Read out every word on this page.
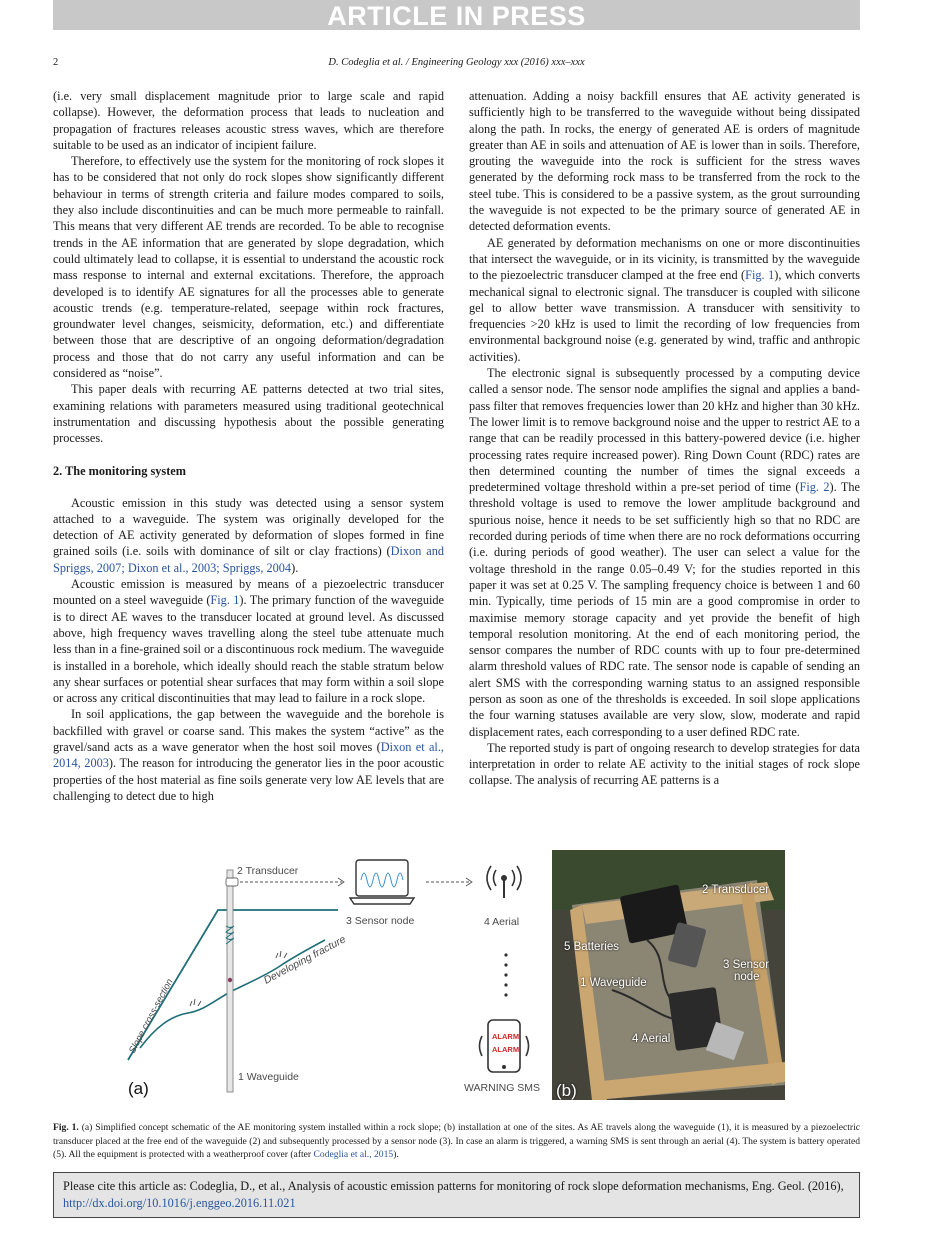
ARTICLE IN PRESS
2	D. Codeglia et al. / Engineering Geology xxx (2016) xxx–xxx

(i.e. very small displacement magnitude prior to large scale and rapid collapse). However, the deformation process that leads to nucleation and propagation of fractures releases acoustic stress waves, which are therefore suitable to be used as an indicator of incipient failure.

Therefore, to effectively use the system for the monitoring of rock slopes it has to be considered that not only do rock slopes show significantly different behaviour in terms of strength criteria and failure modes compared to soils, they also include discontinuities and can be much more permeable to rainfall. This means that very different AE trends are recorded. To be able to recognise trends in the AE information that are generated by slope degradation, which could ultimately lead to collapse, it is essential to understand the acoustic rock mass response to internal and external excitations. Therefore, the approach developed is to identify AE signatures for all the processes able to generate acoustic trends (e.g. temperature-related, seepage within rock fractures, groundwater level changes, seismicity, deformation, etc.) and differentiate between those that are descriptive of an ongoing deformation/degradation process and those that do not carry any useful information and can be considered as “noise”.

This paper deals with recurring AE patterns detected at two trial sites, examining relations with parameters measured using traditional geotechnical instrumentation and discussing hypothesis about the possible generating processes.

2. The monitoring system

Acoustic emission in this study was detected using a sensor system attached to a waveguide. The system was originally developed for the detection of AE activity generated by deformation of slopes formed in fine grained soils (i.e. soils with dominance of silt or clay fractions) (Dixon and Spriggs, 2007; Dixon et al., 2003; Spriggs, 2004).

Acoustic emission is measured by means of a piezoelectric transducer mounted on a steel waveguide (Fig. 1). The primary function of the waveguide is to direct AE waves to the transducer located at ground level. As discussed above, high frequency waves travelling along the steel tube attenuate much less than in a fine-grained soil or a discontinuous rock medium. The waveguide is installed in a borehole, which ideally should reach the stable stratum below any shear surfaces or potential shear surfaces that may form within a soil slope or across any critical discontinuities that may lead to failure in a rock slope.

In soil applications, the gap between the waveguide and the borehole is backfilled with gravel or coarse sand. This makes the system “active” as the gravel/sand acts as a wave generator when the host soil moves (Dixon et al., 2014, 2003). The reason for introducing the generator lies in the poor acoustic properties of the host material as fine soils generate very low AE levels that are challenging to detect due to high

attenuation. Adding a noisy backfill ensures that AE activity generated is sufficiently high to be transferred to the waveguide without being dissipated along the path. In rocks, the energy of generated AE is orders of magnitude greater than AE in soils and attenuation of AE is lower than in soils. Therefore, grouting the waveguide into the rock is sufficient for the stress waves generated by the deforming rock mass to be transferred from the rock to the steel tube. This is considered to be a passive system, as the grout surrounding the waveguide is not expected to be the primary source of generated AE in detected deformation events.

AE generated by deformation mechanisms on one or more discontinuities that intersect the waveguide, or in its vicinity, is transmitted by the waveguide to the piezoelectric transducer clamped at the free end (Fig. 1), which converts mechanical signal to electronic signal. The transducer is coupled with silicone gel to allow better wave transmission. A transducer with sensitivity to frequencies >20 kHz is used to limit the recording of low frequencies from environmental background noise (e.g. generated by wind, traffic and anthropic activities).

The electronic signal is subsequently processed by a computing device called a sensor node. The sensor node amplifies the signal and applies a band-pass filter that removes frequencies lower than 20 kHz and higher than 30 kHz. The lower limit is to remove background noise and the upper to restrict AE to a range that can be readily processed in this battery-powered device (i.e. higher processing rates require increased power). Ring Down Count (RDC) rates are then determined counting the number of times the signal exceeds a predetermined voltage threshold within a pre-set period of time (Fig. 2). The threshold voltage is used to remove the lower amplitude background and spurious noise, hence it needs to be set sufficiently high so that no RDC are recorded during periods of time when there are no rock deformations occurring (i.e. during periods of good weather). The user can select a value for the voltage threshold in the range 0.05–0.49 V; for the studies reported in this paper it was set at 0.25 V. The sampling frequency choice is between 1 and 60 min. Typically, time periods of 15 min are a good compromise in order to maximise memory storage capacity and yet provide the benefit of high temporal resolution monitoring. At the end of each monitoring period, the sensor compares the number of RDC counts with up to four pre-determined alarm threshold values of RDC rate. The sensor node is capable of sending an alert SMS with the corresponding warning status to an assigned responsible person as soon as one of the thresholds is exceeded. In soil slope applications the four warning statuses available are very slow, slow, moderate and rapid displacement rates, each corresponding to a user defined RDC rate.

The reported study is part of ongoing research to develop strategies for data interpretation in order to relate AE activity to the initial stages of rock slope collapse. The analysis of recurring AE patterns is a

2 Transducer
3 Sensor node	4 Aerial
ALARM
ALARM
WARNING SMS
1 Waveguide
Developing fracture
Slope cross-section
(a)
2 Transducer
5 Batteries
3 Sensor
node
1 Waveguide
4 Aerial
(b)
Fig. 1. (a) Simplified concept schematic of the AE monitoring system installed within a rock slope; (b) installation at one of the sites. As AE travels along the waveguide (1), it is measured by a piezoelectric transducer placed at the free end of the waveguide (2) and subsequently processed by a sensor node (3). In case an alarm is triggered, a warning SMS is sent through an aerial (4). The system is battery operated (5). All the equipment is protected with a weatherproof cover (after Codeglia et al., 2015).
Please cite this article as: Codeglia, D., et al., Analysis of acoustic emission patterns for monitoring of rock slope deformation mechanisms, Eng. Geol. (2016), http://dx.doi.org/10.1016/j.enggeo.2016.11.021
